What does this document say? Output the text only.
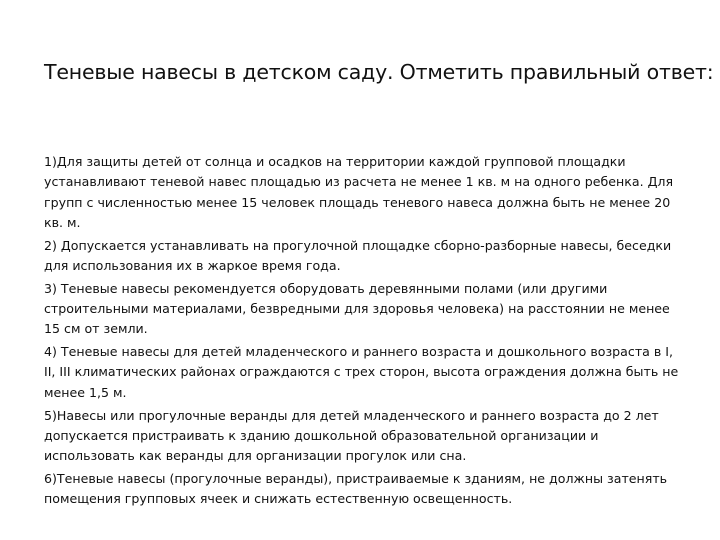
Теневые навесы в детском саду. Отметить правильный ответ:

1)Для защиты детей от солнца и осадков на территории каждой групповой площадки устанавливают теневой навес площадью из расчета не менее 1 кв. м на одного ребенка. Для групп с численностью менее 15 человек площадь теневого навеса должна быть не менее 20 кв. м.

2) Допускается устанавливать на прогулочной площадке сборно-разборные навесы, беседки для использования их в жаркое время года.

3) Теневые навесы рекомендуется оборудовать деревянными полами (или другими строительными материалами, безвредными для здоровья человека) на расстоянии не менее 15 см от земли.

4) Теневые навесы для детей младенческого и раннего возраста и дошкольного возраста в I, II, III климатических районах ограждаются с трех сторон, высота ограждения должна быть не менее 1,5 м.

5)Навесы или прогулочные веранды для детей младенческого и раннего возраста до 2 лет допускается пристраивать к зданию дошкольной образовательной организации и использовать как веранды для организации прогулок или сна.

6)Теневые навесы (прогулочные веранды), пристраиваемые к зданиям, не должны затенять помещения групповых ячеек и снижать естественную освещенность.
